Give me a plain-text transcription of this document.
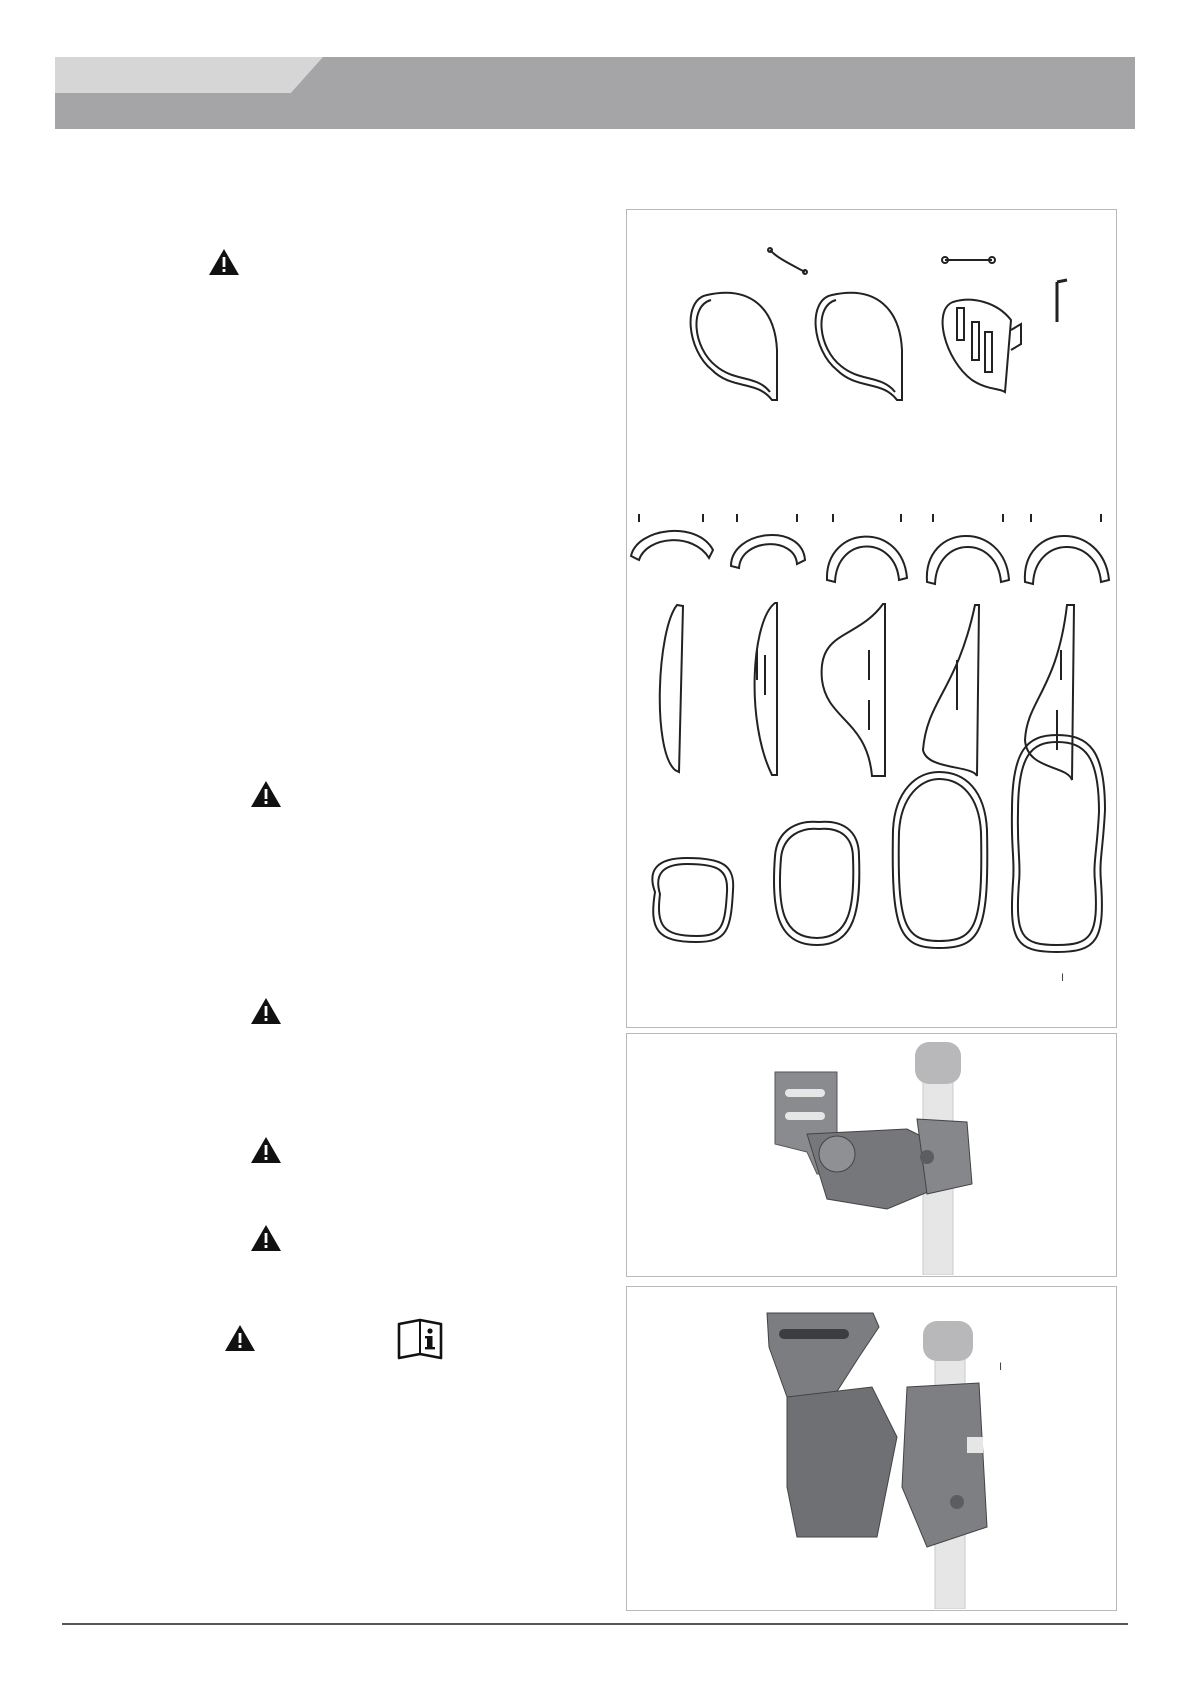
I
I
